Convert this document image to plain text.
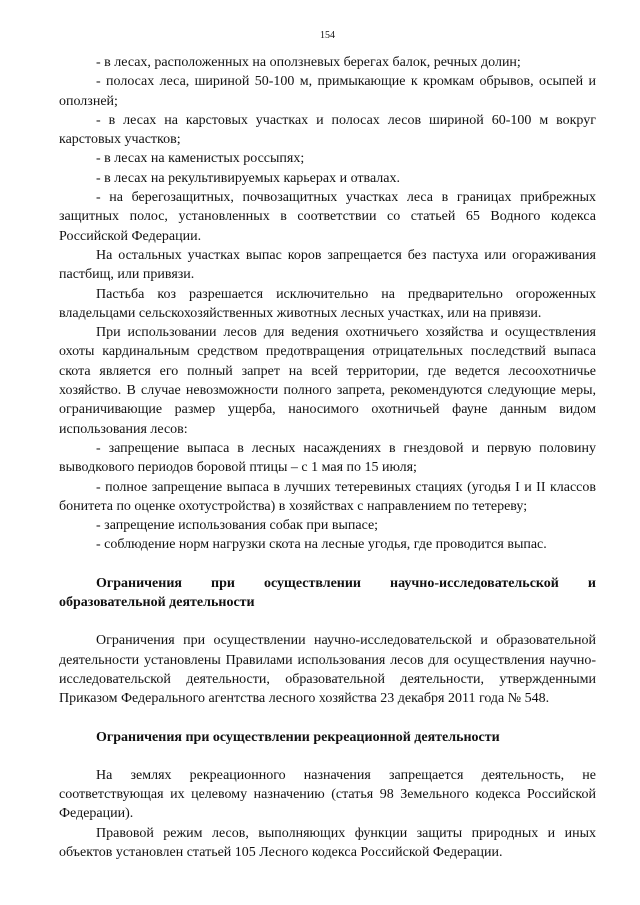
154

- в лесах, расположенных на оползневых берегах балок, речных долин;

- полосах леса, шириной 50-100 м, примыкающие к кромкам обрывов, осыпей и оползней;

- в лесах на карстовых участках и полосах лесов шириной 60-100 м вокруг карстовых участков;

- в лесах на каменистых россыпях;

- в лесах на рекультивируемых карьерах и отвалах.

- на берегозащитных, почвозащитных участках леса в границах прибрежных защитных полос, установленных в соответствии со статьей 65 Водного кодекса Российской Федерации.

На остальных участках выпас коров запрещается без пастуха или огораживания пастбищ, или привязи.

Пастьба коз разрешается исключительно на предварительно огороженных владельцами сельскохозяйственных животных лесных участках, или на привязи.

При использовании лесов для ведения охотничьего хозяйства и осуществления охоты кардинальным средством предотвращения отрицательных последствий выпаса скота является его полный запрет на всей территории, где ведется лесоохотничье хозяйство. В случае невозможности полного запрета, рекомендуются следующие меры, ограничивающие размер ущерба, наносимого охотничьей фауне данным видом использования лесов:

- запрещение выпаса в лесных насаждениях в гнездовой и первую половину выводкового периодов боровой птицы – с 1 мая по 15 июля;

- полное запрещение выпаса в лучших тетеревиных стациях (угодья I и II классов бонитета по оценке охотустройства) в хозяйствах с направлением по тетереву;

- запрещение использования собак при выпасе;

- соблюдение норм нагрузки скота на лесные угодья, где проводится выпас.

Ограничения при осуществлении научно-исследовательской и образовательной деятельности

Ограничения при осуществлении научно-исследовательской и образовательной деятельности установлены Правилами использования лесов для осуществления научно-исследовательской деятельности, образовательной деятельности, утвержденными Приказом Федерального агентства лесного хозяйства 23 декабря 2011 года № 548.

Ограничения при осуществлении рекреационной деятельности

На землях рекреационного назначения запрещается деятельность, не соответствующая их целевому назначению (статья 98 Земельного кодекса Российской Федерации).

Правовой режим лесов, выполняющих функции защиты природных и иных объектов установлен статьей 105 Лесного кодекса Российской Федерации.
